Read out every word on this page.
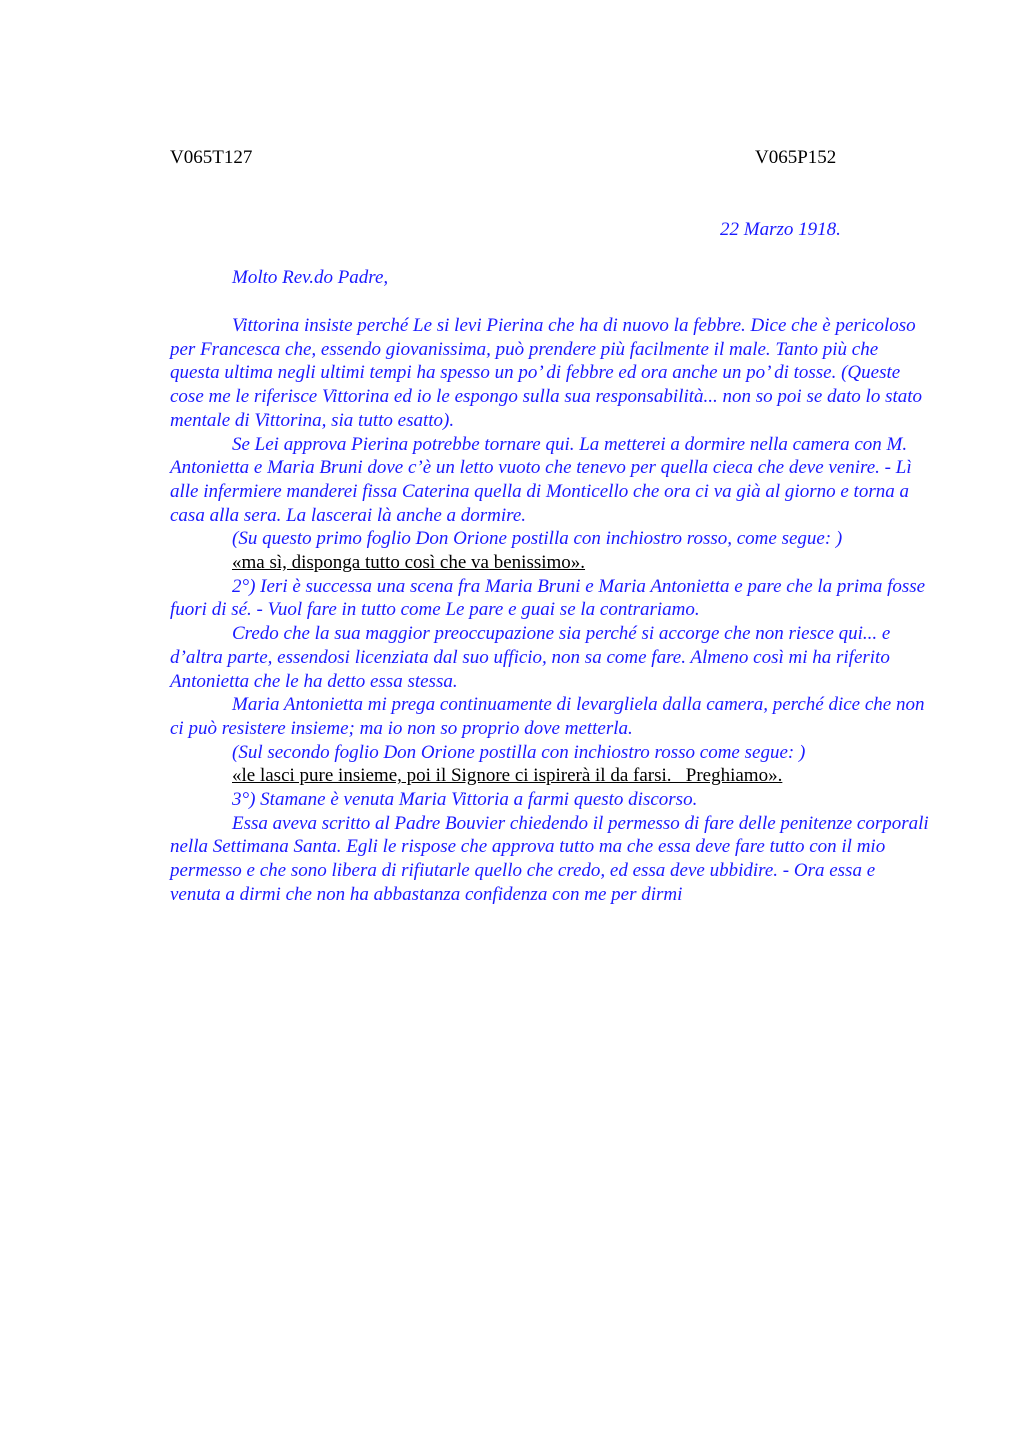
V065T127	V065P152
22 Marzo 1918.
Molto Rev.do Padre,

Vittorina insiste perché Le si levi Pierina che ha di nuovo la febbre. Dice che è pericoloso per Francesca che, essendo giovanissima, può prendere più facilmente il male. Tanto più che questa ultima negli ultimi tempi ha spesso un po’ di febbre ed ora anche un po’ di tosse. (Queste cose me le riferisce Vittorina ed io le espongo sulla sua responsabilità... non so poi se dato lo stato mentale di Vittorina, sia tutto esatto).

Se Lei approva Pierina potrebbe tornare qui. La metterei a dormire nella camera con M. Antonietta e Maria Bruni dove c’è un letto vuoto che tenevo per quella cieca che deve venire. - Lì alle infermiere manderei fissa Caterina quella di Monticello che ora ci va già al giorno e torna a casa alla sera. La lascerai là anche a dormire.

(Su questo primo foglio Don Orione postilla con inchiostro rosso, come segue: )

«ma sì, disponga tutto così che va benissimo».

2°) Ieri è successa una scena fra Maria Bruni e Maria Antonietta e pare che la prima fosse fuori di sé. - Vuol fare in tutto come Le pare e guai se la contrariamo.

Credo che la sua maggior preoccupazione sia perché si accorge che non riesce qui... e d’altra parte, essendosi licenziata dal suo ufficio, non sa come fare. Almeno così mi ha riferito Antonietta che le ha detto essa stessa.

Maria Antonietta mi prega continuamente di levargliela dalla camera, perché dice che non ci può resistere insieme; ma io non so proprio dove metterla.

(Sul secondo foglio Don Orione postilla con inchiostro rosso come segue: )

«le lasci pure insieme, poi il Signore ci ispirerà il da farsi.   Preghiamo».

3°) Stamane è venuta Maria Vittoria a farmi questo discorso.

Essa aveva scritto al Padre Bouvier chiedendo il permesso di fare delle penitenze corporali nella Settimana Santa. Egli le rispose che approva tutto ma che essa deve fare tutto con il mio permesso e che sono libera di rifiutarle quello che credo, ed essa deve ubbidire. - Ora essa e venuta a dirmi che non ha abbastanza confidenza con me per dirmi
